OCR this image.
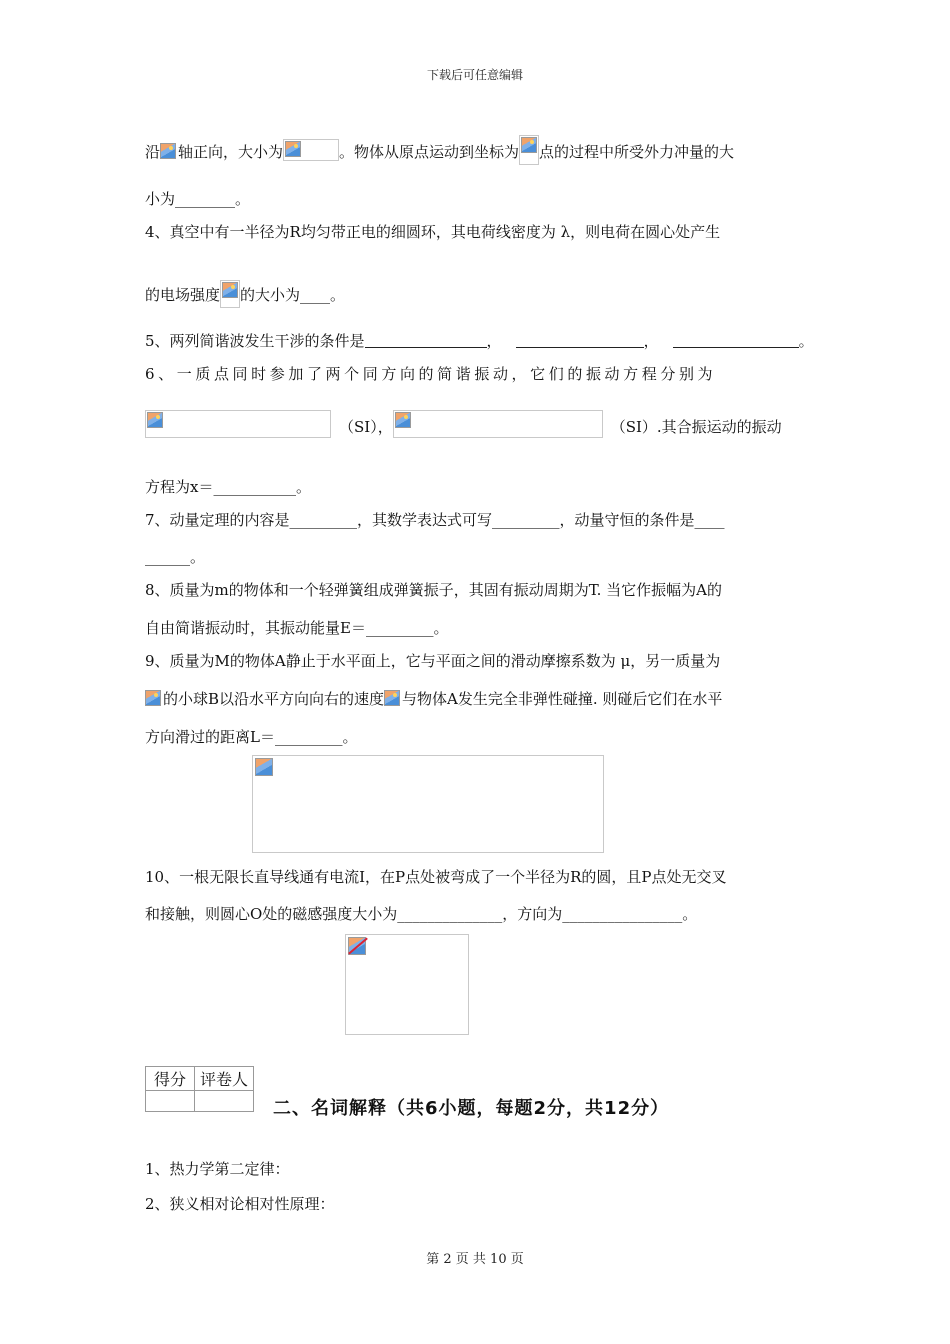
下载后可任意编辑
沿 轴正向，大小为	。物体从原点运动到坐标为 点的过程中所受外力冲量的大
小为________。
4、真空中有一半径为R均匀带正电的细圆环，其电荷线密度为 λ，则电荷在圆心处产生
的电场强度 的大小为____。
5、两列简谐波发生干涉的条件是	，	，	。
6、一质点同时参加了两个同方向的简谐振动，它们的振动方程分别为
（SI），	（SI）.其合振运动的振动
方程为x＝___________。
7、动量定理的内容是_________，其数学表达式可写_________，动量守恒的条件是____
______。
8、质量为m的物体和一个轻弹簧组成弹簧振子，其固有振动周期为T. 当它作振幅为A的
自由简谐振动时，其振动能量E＝_________。
9、质量为M的物体A静止于水平面上，它与平面之间的滑动摩擦系数为 μ，另一质量为
的小球B以沿水平方向向右的速度 与物体A发生完全非弹性碰撞. 则碰后它们在水平
方向滑过的距离L＝_________。
10、一根无限长直导线通有电流I，在P点处被弯成了一个半径为R的圆，且P点处无交叉
和接触，则圆心O处的磁感强度大小为______________，方向为________________。
得分	评卷人

二、名词解释（共6小题，每题2分，共12分）
1、热力学第二定律：
2、狭义相对论相对性原理：
第 2 页 共 10 页
